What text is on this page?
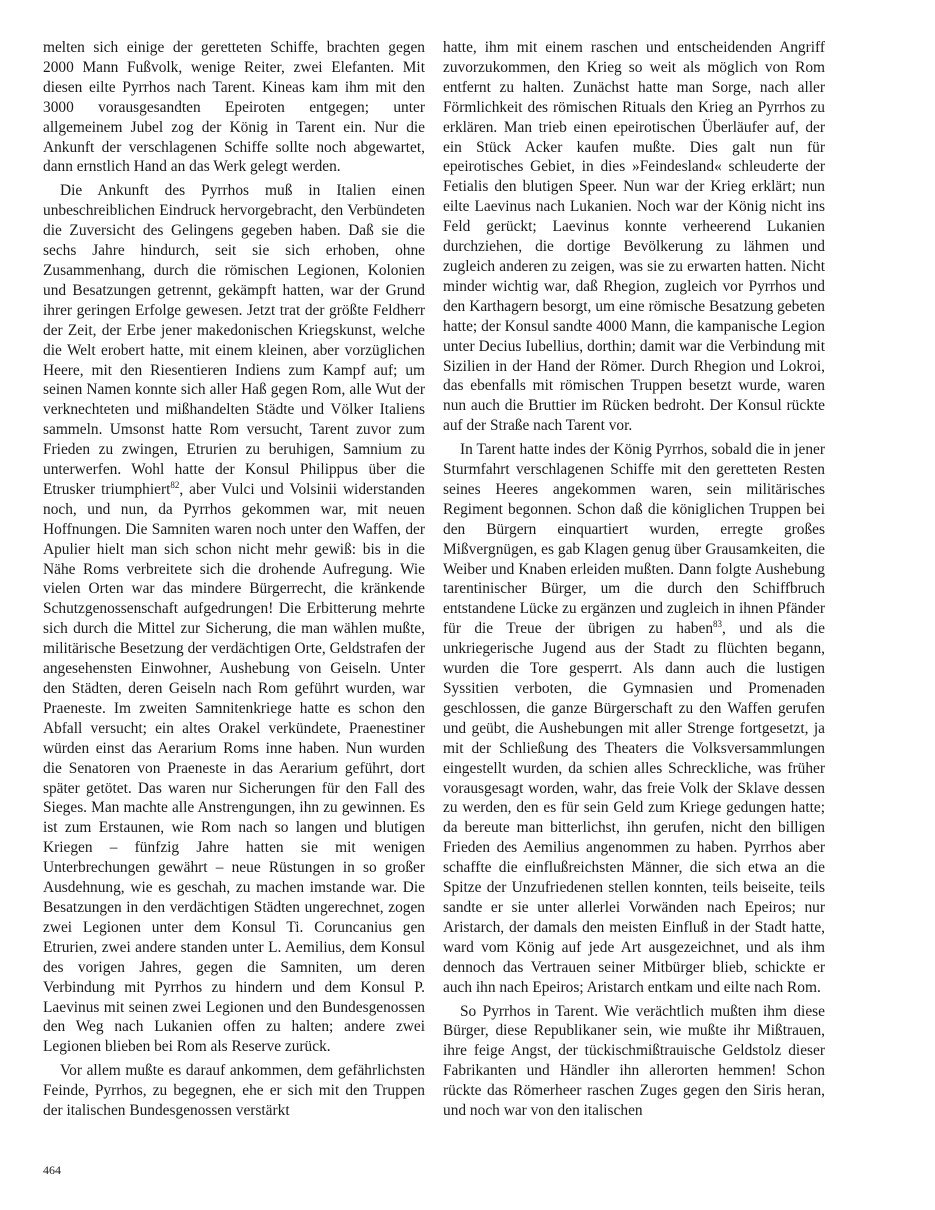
melten sich einige der geretteten Schiffe, brachten gegen 2000 Mann Fußvolk, wenige Reiter, zwei Elefanten. Mit diesen eilte Pyrrhos nach Tarent. Kineas kam ihm mit den 3000 vorausgesandten Epeiroten entgegen; unter allgemeinem Jubel zog der König in Tarent ein. Nur die Ankunft der verschlagenen Schiffe sollte noch abgewartet, dann ernstlich Hand an das Werk gelegt werden.

Die Ankunft des Pyrrhos muß in Italien einen unbeschreiblichen Eindruck hervorgebracht, den Verbündeten die Zuversicht des Gelingens gegeben haben. Daß sie die sechs Jahre hindurch, seit sie sich erhoben, ohne Zusammenhang, durch die römischen Legionen, Kolonien und Besatzungen getrennt, gekämpft hatten, war der Grund ihrer geringen Erfolge gewesen. Jetzt trat der größte Feldherr der Zeit, der Erbe jener makedonischen Kriegskunst, welche die Welt erobert hatte, mit einem kleinen, aber vorzüglichen Heere, mit den Riesentieren Indiens zum Kampf auf; um seinen Namen konnte sich aller Haß gegen Rom, alle Wut der verknechteten und mißhandelten Städte und Völker Italiens sammeln. Umsonst hatte Rom versucht, Tarent zuvor zum Frieden zu zwingen, Etrurien zu beruhigen, Samnium zu unterwerfen. Wohl hatte der Konsul Philippus über die Etrusker triumphiert$^{82}$, aber Vulci und Volsinii widerstanden noch, und nun, da Pyrrhos gekommen war, mit neuen Hoffnungen. Die Samniten waren noch unter den Waffen, der Apulier hielt man sich schon nicht mehr gewiß: bis in die Nähe Roms verbreitete sich die drohende Aufregung. Wie vielen Orten war das mindere Bürgerrecht, die kränkende Schutzgenossenschaft aufgedrungen! Die Erbitterung mehrte sich durch die Mittel zur Sicherung, die man wählen mußte, militärische Besetzung der verdächtigen Orte, Geldstrafen der angesehensten Einwohner, Aushebung von Geiseln. Unter den Städten, deren Geiseln nach Rom geführt wurden, war Praeneste. Im zweiten Samnitenkriege hatte es schon den Abfall versucht; ein altes Orakel verkündete, Praenestiner würden einst das Aerarium Roms inne haben. Nun wurden die Senatoren von Praeneste in das Aerarium geführt, dort später getötet. Das waren nur Sicherungen für den Fall des Sieges. Man machte alle Anstrengungen, ihn zu gewinnen. Es ist zum Erstaunen, wie Rom nach so langen und blutigen Kriegen – fünfzig Jahre hatten sie mit wenigen Unterbrechungen gewährt – neue Rüstungen in so großer Ausdehnung, wie es geschah, zu machen imstande war. Die Besatzungen in den verdächtigen Städten ungerechnet, zogen zwei Legionen unter dem Konsul Ti. Coruncanius gen Etrurien, zwei andere standen unter L. Aemilius, dem Konsul des vorigen Jahres, gegen die Samniten, um deren Verbindung mit Pyrrhos zu hindern und dem Konsul P. Laevinus mit seinen zwei Legionen und den Bundesgenossen den Weg nach Lukanien offen zu halten; andere zwei Legionen blieben bei Rom als Reserve zurück.

Vor allem mußte es darauf ankommen, dem gefährlichsten Feinde, Pyrrhos, zu begegnen, ehe er sich mit den Truppen der italischen Bundesgenossen verstärkt

hatte, ihm mit einem raschen und entscheidenden Angriff zuvorzukommen, den Krieg so weit als möglich von Rom entfernt zu halten. Zunächst hatte man Sorge, nach aller Förmlichkeit des römischen Rituals den Krieg an Pyrrhos zu erklären. Man trieb einen epeirotischen Überläufer auf, der ein Stück Acker kaufen mußte. Dies galt nun für epeirotisches Gebiet, in dies »Feindesland« schleuderte der Fetialis den blutigen Speer. Nun war der Krieg erklärt; nun eilte Laevinus nach Lukanien. Noch war der König nicht ins Feld gerückt; Laevinus konnte verheerend Lukanien durchziehen, die dortige Bevölkerung zu lähmen und zugleich anderen zu zeigen, was sie zu erwarten hatten. Nicht minder wichtig war, daß Rhegion, zugleich vor Pyrrhos und den Karthagern besorgt, um eine römische Besatzung gebeten hatte; der Konsul sandte 4000 Mann, die kampanische Legion unter Decius Iubellius, dorthin; damit war die Verbindung mit Sizilien in der Hand der Römer. Durch Rhegion und Lokroi, das ebenfalls mit römischen Truppen besetzt wurde, waren nun auch die Bruttier im Rücken bedroht. Der Konsul rückte auf der Straße nach Tarent vor.

In Tarent hatte indes der König Pyrrhos, sobald die in jener Sturmfahrt verschlagenen Schiffe mit den geretteten Resten seines Heeres angekommen waren, sein militärisches Regiment begonnen. Schon daß die königlichen Truppen bei den Bürgern einquartiert wurden, erregte großes Mißvergnügen, es gab Klagen genug über Grausamkeiten, die Weiber und Knaben erleiden mußten. Dann folgte Aushebung tarentinischer Bürger, um die durch den Schiffbruch entstandene Lücke zu ergänzen und zugleich in ihnen Pfänder für die Treue der übrigen zu haben$^{83}$, und als die unkriegerische Jugend aus der Stadt zu flüchten begann, wurden die Tore gesperrt. Als dann auch die lustigen Syssitien verboten, die Gymnasien und Promenaden geschlossen, die ganze Bürgerschaft zu den Waffen gerufen und geübt, die Aushebungen mit aller Strenge fortgesetzt, ja mit der Schließung des Theaters die Volksversammlungen eingestellt wurden, da schien alles Schreckliche, was früher vorausgesagt worden, wahr, das freie Volk der Sklave dessen zu werden, den es für sein Geld zum Kriege gedungen hatte; da bereute man bitterlichst, ihn gerufen, nicht den billigen Frieden des Aemilius angenommen zu haben. Pyrrhos aber schaffte die einflußreichsten Männer, die sich etwa an die Spitze der Unzufriedenen stellen konnten, teils beiseite, teils sandte er sie unter allerlei Vorwänden nach Epeiros; nur Aristarch, der damals den meisten Einfluß in der Stadt hatte, ward vom König auf jede Art ausgezeichnet, und als ihm dennoch das Vertrauen seiner Mitbürger blieb, schickte er auch ihn nach Epeiros; Aristarch entkam und eilte nach Rom.

So Pyrrhos in Tarent. Wie verächtlich mußten ihm diese Bürger, diese Republikaner sein, wie mußte ihr Mißtrauen, ihre feige Angst, der tückischmißtrauische Geldstolz dieser Fabrikanten und Händler ihn allerorten hemmen! Schon rückte das Römerheer raschen Zuges gegen den Siris heran, und noch war von den italischen

464
